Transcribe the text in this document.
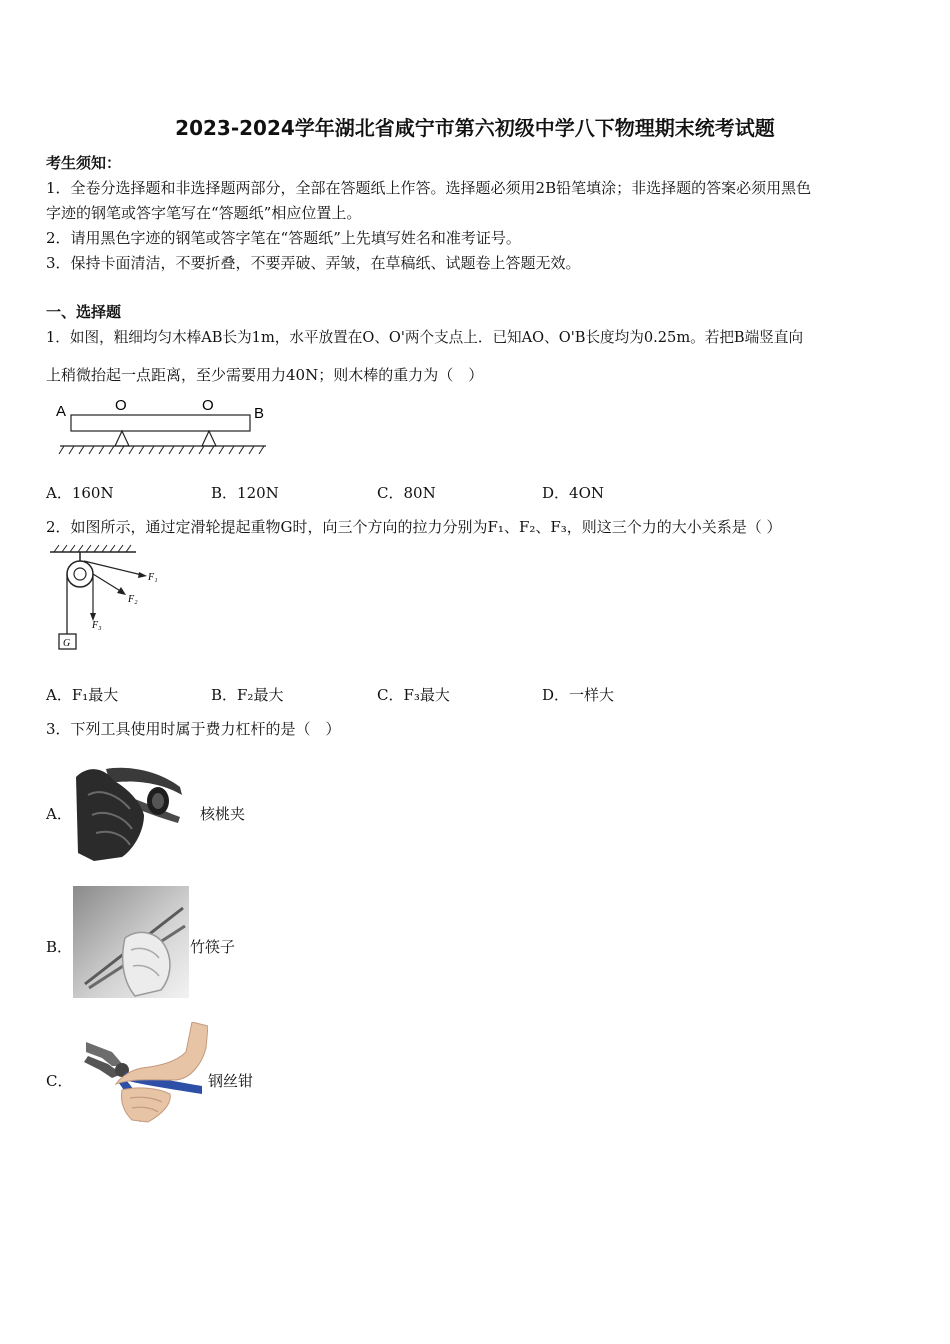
2023-2024学年湖北省咸宁市第六初级中学八下物理期末统考试题
考生须知：
1．全卷分选择题和非选择题两部分，全部在答题纸上作答。选择题必须用2B铅笔填涂；非选择题的答案必须用黑色
字迹的钢笔或答字笔写在“答题纸”相应位置上。
2．请用黑色字迹的钢笔或答字笔在“答题纸”上先填写姓名和准考证号。
3．保持卡面清洁，不要折叠，不要弄破、弄皱，在草稿纸、试题卷上答题无效。
一、选择题
1．如图，粗细均匀木棒AB长为1m，水平放置在O、O'两个支点上．已知AO、O'B长度均为0.25m。若把B端竖直向
上稍微抬起一点距离，至少需要用力40N；则木棒的重力为（　）
A	O	O	B
A．160N	B．120N	C．80N	D．4ON
2．如图所示，通过定滑轮提起重物G时，向三个方向的拉力分别为F₁、F₂、F₃，则这三个力的大小关系是（ ）
F₁
F₂
F₃
G
A．F₁最大	B．F₂最大	C．F₃最大	D．一样大
3．下列工具使用时属于费力杠杆的是（　）
A．	核桃夹
B．	竹筷子
C．	钢丝钳
